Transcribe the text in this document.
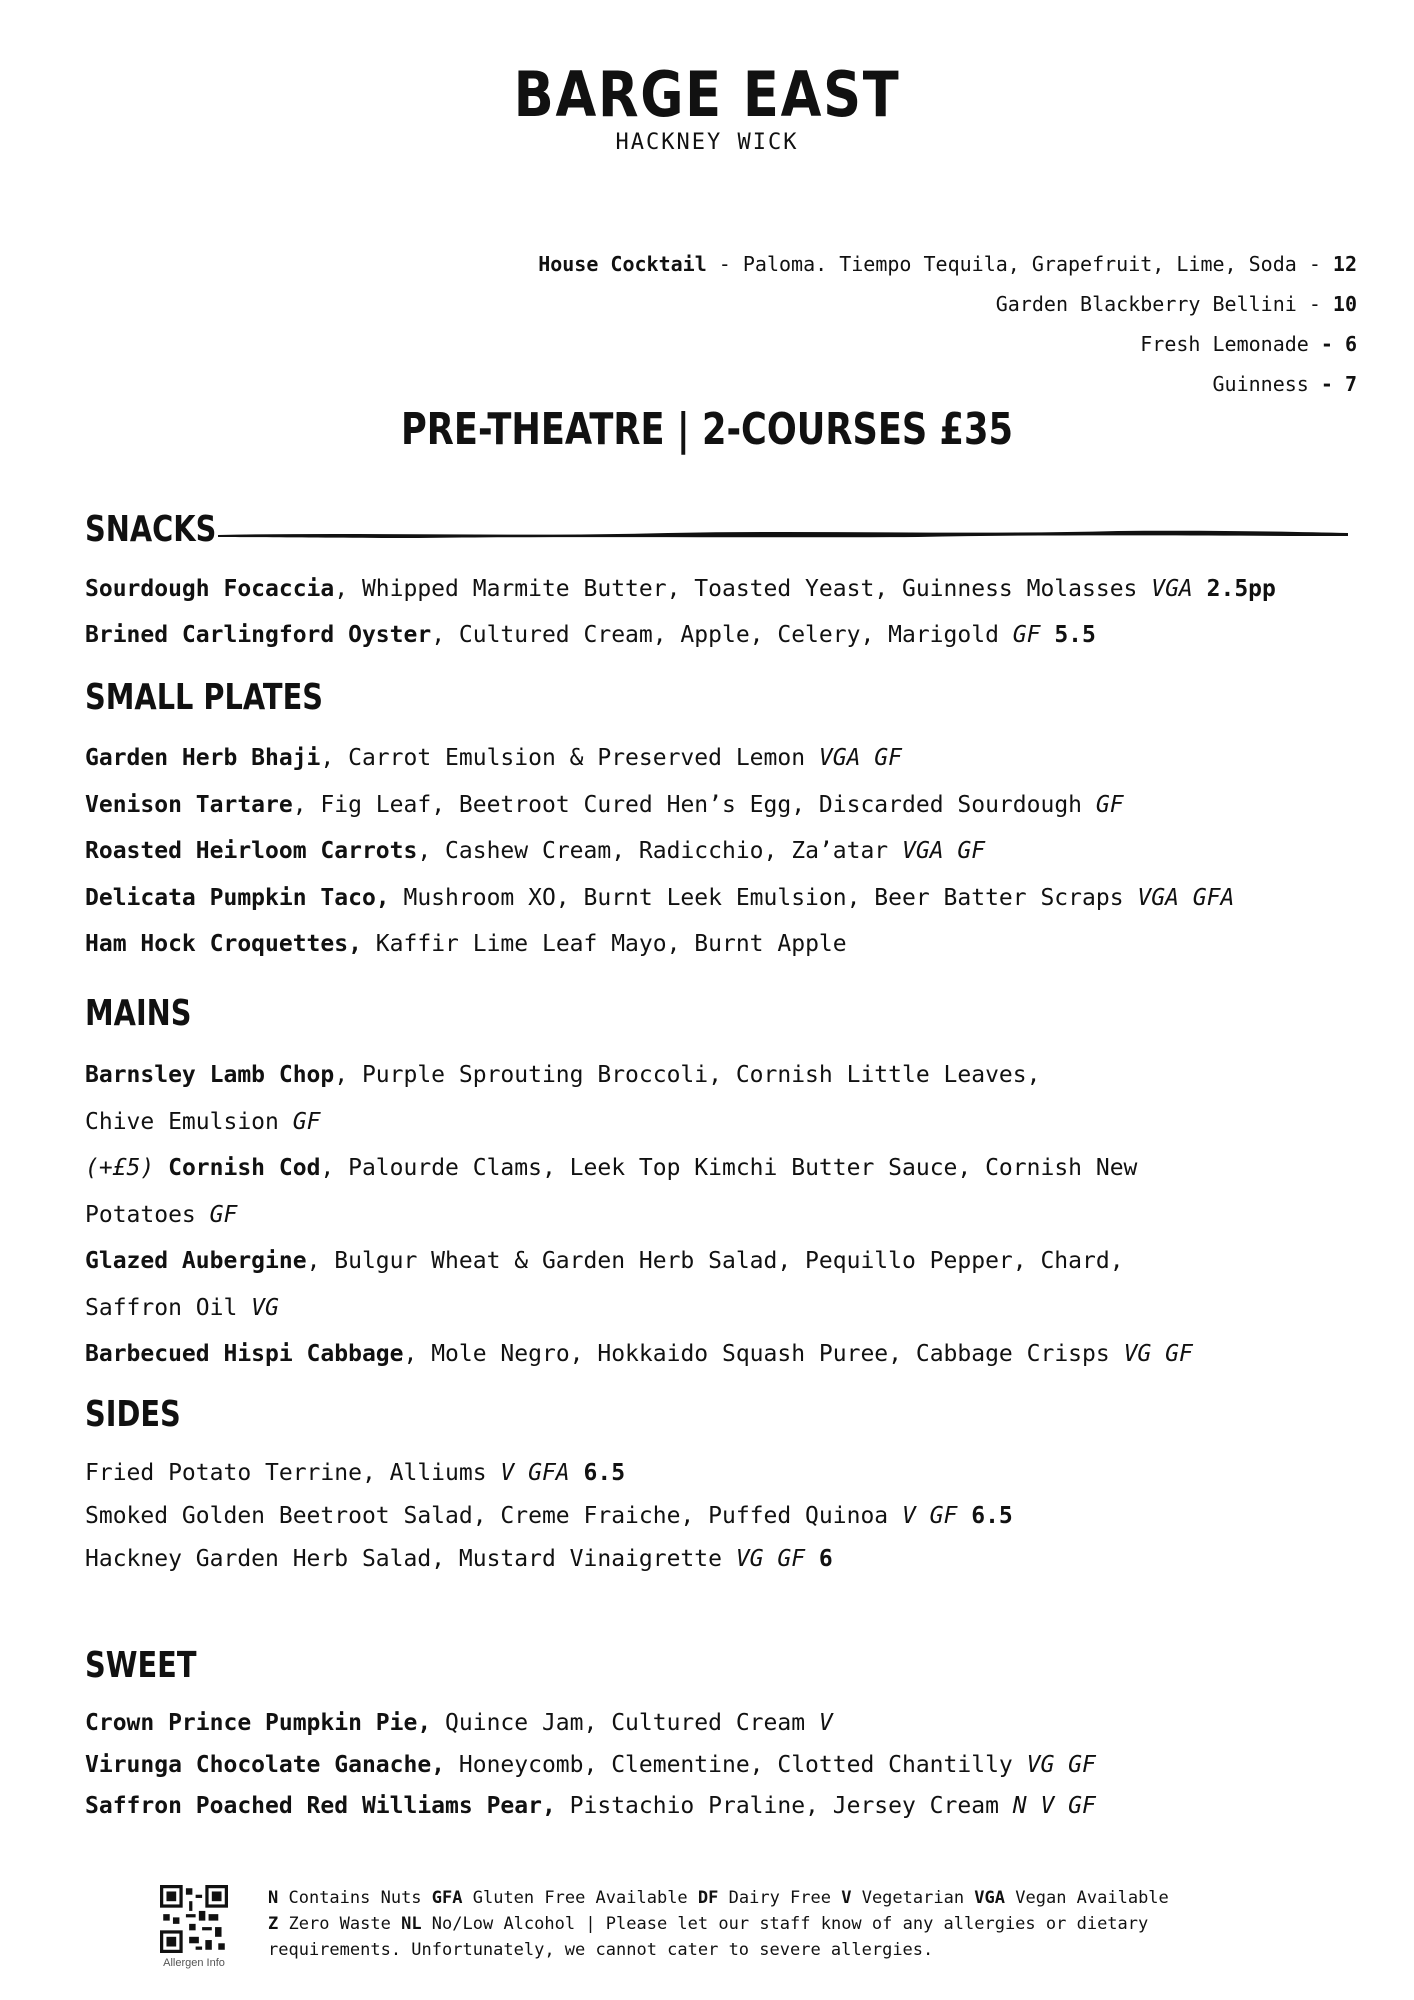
BARGE EAST
HACKNEY WICK
House Cocktail - Paloma. Tiempo Tequila, Grapefruit, Lime, Soda - 12
Garden Blackberry Bellini - 10
Fresh Lemonade - 6
Guinness - 7
PRE-THEATRE | 2-COURSES £35
SNACKS
Sourdough Focaccia, Whipped Marmite Butter, Toasted Yeast, Guinness Molasses VGA 2.5pp
Brined Carlingford Oyster, Cultured Cream, Apple, Celery, Marigold GF 5.5
SMALL PLATES
Garden Herb Bhaji, Carrot Emulsion & Preserved Lemon VGA GF
Venison Tartare, Fig Leaf, Beetroot Cured Hen’s Egg, Discarded Sourdough GF
Roasted Heirloom Carrots, Cashew Cream, Radicchio, Za’atar VGA GF
Delicata Pumpkin Taco, Mushroom XO, Burnt Leek Emulsion, Beer Batter Scraps VGA GFA
Ham Hock Croquettes, Kaffir Lime Leaf Mayo, Burnt Apple
MAINS
Barnsley Lamb Chop, Purple Sprouting Broccoli, Cornish Little Leaves,
Chive Emulsion GF
(+£5) Cornish Cod, Palourde Clams, Leek Top Kimchi Butter Sauce, Cornish New
Potatoes GF
Glazed Aubergine, Bulgur Wheat & Garden Herb Salad, Pequillo Pepper, Chard,
Saffron Oil VG
Barbecued Hispi Cabbage, Mole Negro, Hokkaido Squash Puree, Cabbage Crisps VG GF
SIDES
Fried Potato Terrine, Alliums V GFA 6.5
Smoked Golden Beetroot Salad, Creme Fraiche, Puffed Quinoa V GF 6.5
Hackney Garden Herb Salad, Mustard Vinaigrette VG GF 6
SWEET
Crown Prince Pumpkin Pie, Quince Jam, Cultured Cream V
Virunga Chocolate Ganache, Honeycomb, Clementine, Clotted Chantilly VG GF
Saffron Poached Red Williams Pear, Pistachio Praline, Jersey Cream N V GF
Allergen Info
N Contains Nuts GFA Gluten Free Available DF Dairy Free V Vegetarian VGA Vegan Available
Z Zero Waste NL No/Low Alcohol | Please let our staff know of any allergies or dietary
requirements. Unfortunately, we cannot cater to severe allergies.
